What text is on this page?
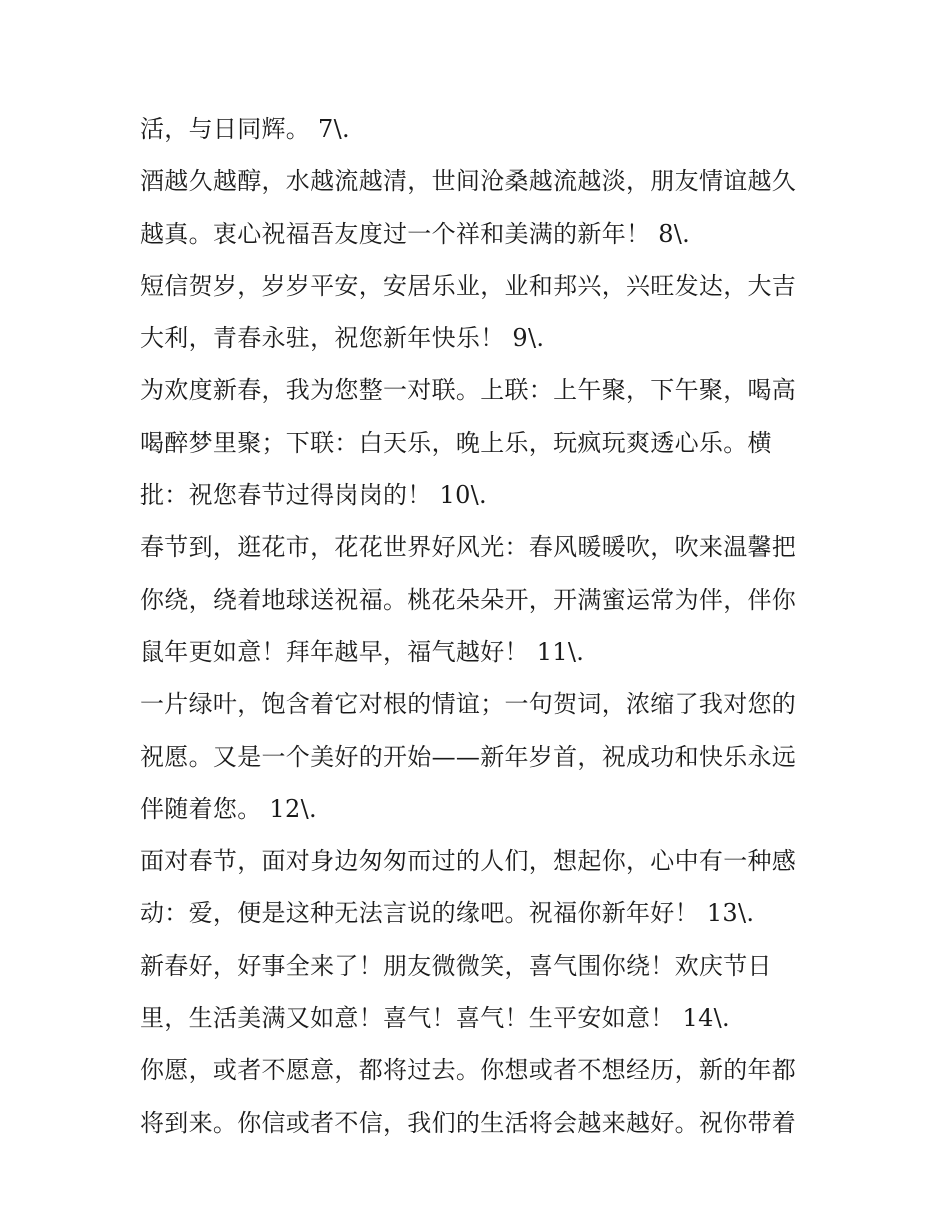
活，与日同辉。 7\.
酒越久越醇，水越流越清，世间沧桑越流越淡，朋友情谊越久
越真。衷心祝福吾友度过一个祥和美满的新年！ 8\.
短信贺岁，岁岁平安，安居乐业，业和邦兴，兴旺发达，大吉
大利，青春永驻，祝您新年快乐！ 9\.
为欢度新春，我为您整一对联。上联：上午聚，下午聚，喝高
喝醉梦里聚；下联：白天乐，晚上乐，玩疯玩爽透心乐。横
批：祝您春节过得岗岗的！ 10\.
春节到，逛花市，花花世界好风光：春风暖暖吹，吹来温馨把
你绕，绕着地球送祝福。桃花朵朵开，开满蜜运常为伴，伴你
鼠年更如意！拜年越早，福气越好！ 11\.
一片绿叶，饱含着它对根的情谊；一句贺词，浓缩了我对您的
祝愿。又是一个美好的开始——新年岁首，祝成功和快乐永远
伴随着您。 12\.
面对春节，面对身边匆匆而过的人们，想起你，心中有一种感
动：爱，便是这种无法言说的缘吧。祝福你新年好！ 13\.
新春好，好事全来了！朋友微微笑，喜气围你绕！欢庆节日
里，生活美满又如意！喜气！喜气！生平安如意！ 14\.
你愿，或者不愿意，都将过去。你想或者不想经历，新的年都
将到来。你信或者不信，我们的生活将会越来越好。祝你带着
